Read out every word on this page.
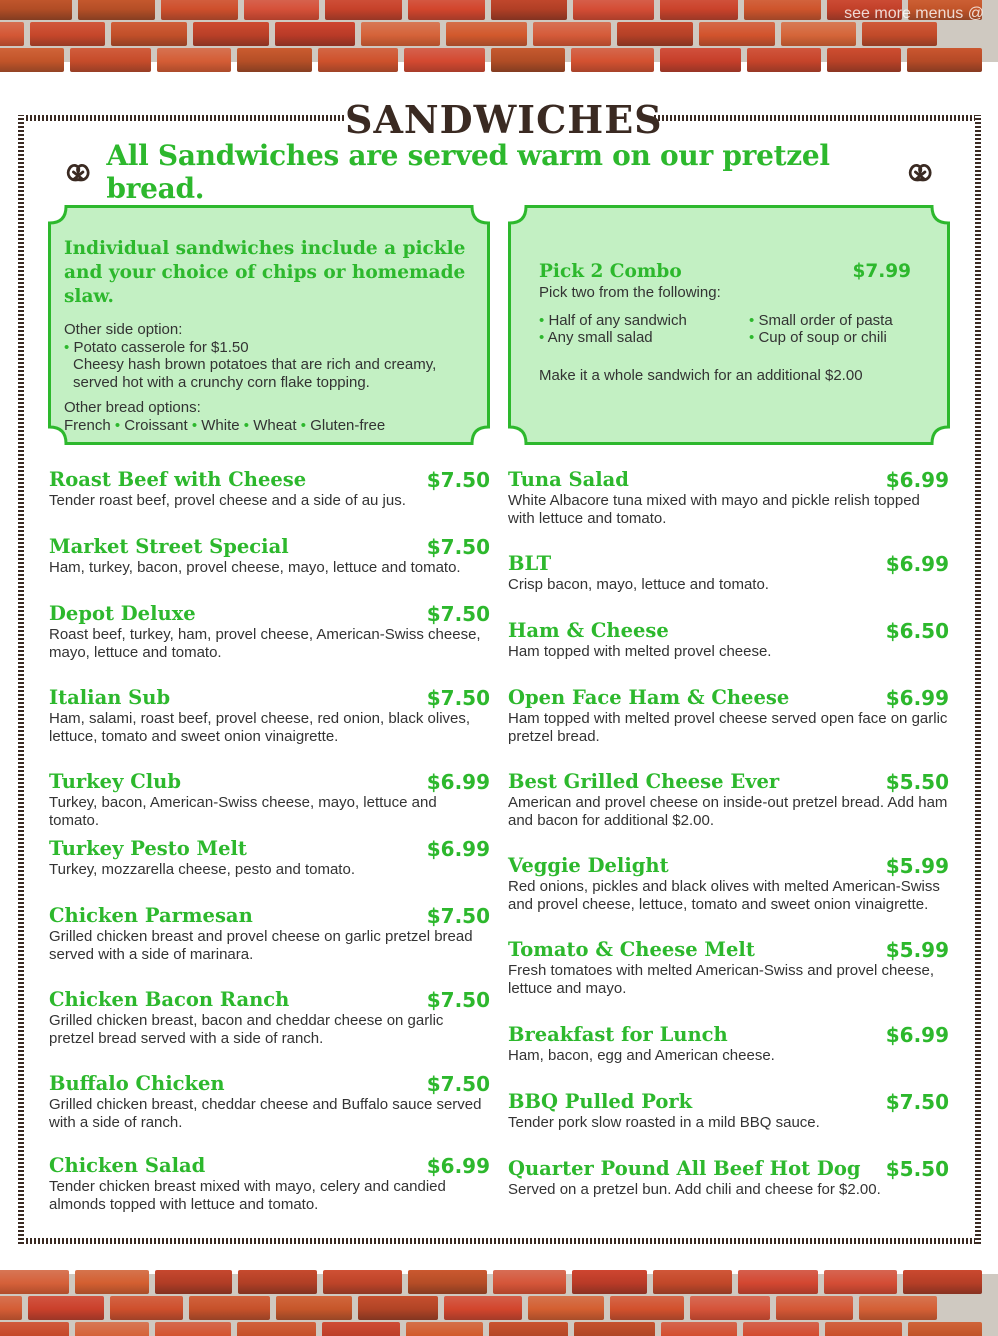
see more menus @
SANDWICHES
All Sandwiches are served warm on our pretzel bread.
Individual sandwiches include a pickle and your choice of chips or homemade slaw.
Other side option:
• Potato casserole for $1.50
Cheesy hash brown potatoes that are rich and creamy, served hot with a crunchy corn flake topping.
Other bread options:
French • Croissant • White • Wheat • Gluten-free
Pick 2 Combo	$7.99
Pick two from the following:
• Half of any sandwich	• Small order of pasta
• Any small salad	• Cup of soup or chili
Make it a whole sandwich for an additional $2.00
Roast Beef with Cheese	$7.50
Tender roast beef, provel cheese and a side of au jus.
Market Street Special	$7.50
Ham, turkey, bacon, provel cheese, mayo, lettuce and tomato.
Depot Deluxe	$7.50
Roast beef, turkey, ham, provel cheese, American-Swiss cheese, mayo, lettuce and tomato.
Italian Sub	$7.50
Ham, salami, roast beef, provel cheese, red onion, black olives, lettuce, tomato and sweet onion vinaigrette.
Turkey Club	$6.99
Turkey, bacon, American-Swiss cheese, mayo, lettuce and tomato.
Turkey Pesto Melt	$6.99
Turkey, mozzarella cheese, pesto and tomato.
Chicken Parmesan	$7.50
Grilled chicken breast and provel cheese on garlic pretzel bread served with a side of marinara.
Chicken Bacon Ranch	$7.50
Grilled chicken breast, bacon and cheddar cheese on garlic pretzel bread served with a side of ranch.
Buffalo Chicken	$7.50
Grilled chicken breast, cheddar cheese and Buffalo sauce served with a side of ranch.
Chicken Salad	$6.99
Tender chicken breast mixed with mayo, celery and candied almonds topped with lettuce and tomato.
Tuna Salad	$6.99
White Albacore tuna mixed with mayo and pickle relish topped with lettuce and tomato.
BLT	$6.99
Crisp bacon, mayo, lettuce and tomato.
Ham & Cheese	$6.50
Ham topped with melted provel cheese.
Open Face Ham & Cheese	$6.99
Ham topped with melted provel cheese served open face on garlic pretzel bread.
Best Grilled Cheese Ever	$5.50
American and provel cheese on inside-out pretzel bread. Add ham and bacon for additional $2.00.
Veggie Delight	$5.99
Red onions, pickles and black olives with melted American-Swiss and provel cheese, lettuce, tomato and sweet onion vinaigrette.
Tomato & Cheese Melt	$5.99
Fresh tomatoes with melted American-Swiss and provel cheese, lettuce and mayo.
Breakfast for Lunch	$6.99
Ham, bacon, egg and American cheese.
BBQ Pulled Pork	$7.50
Tender pork slow roasted in a mild BBQ sauce.
Quarter Pound All Beef Hot Dog $5.50
Served on a pretzel bun. Add chili and cheese for $2.00.
